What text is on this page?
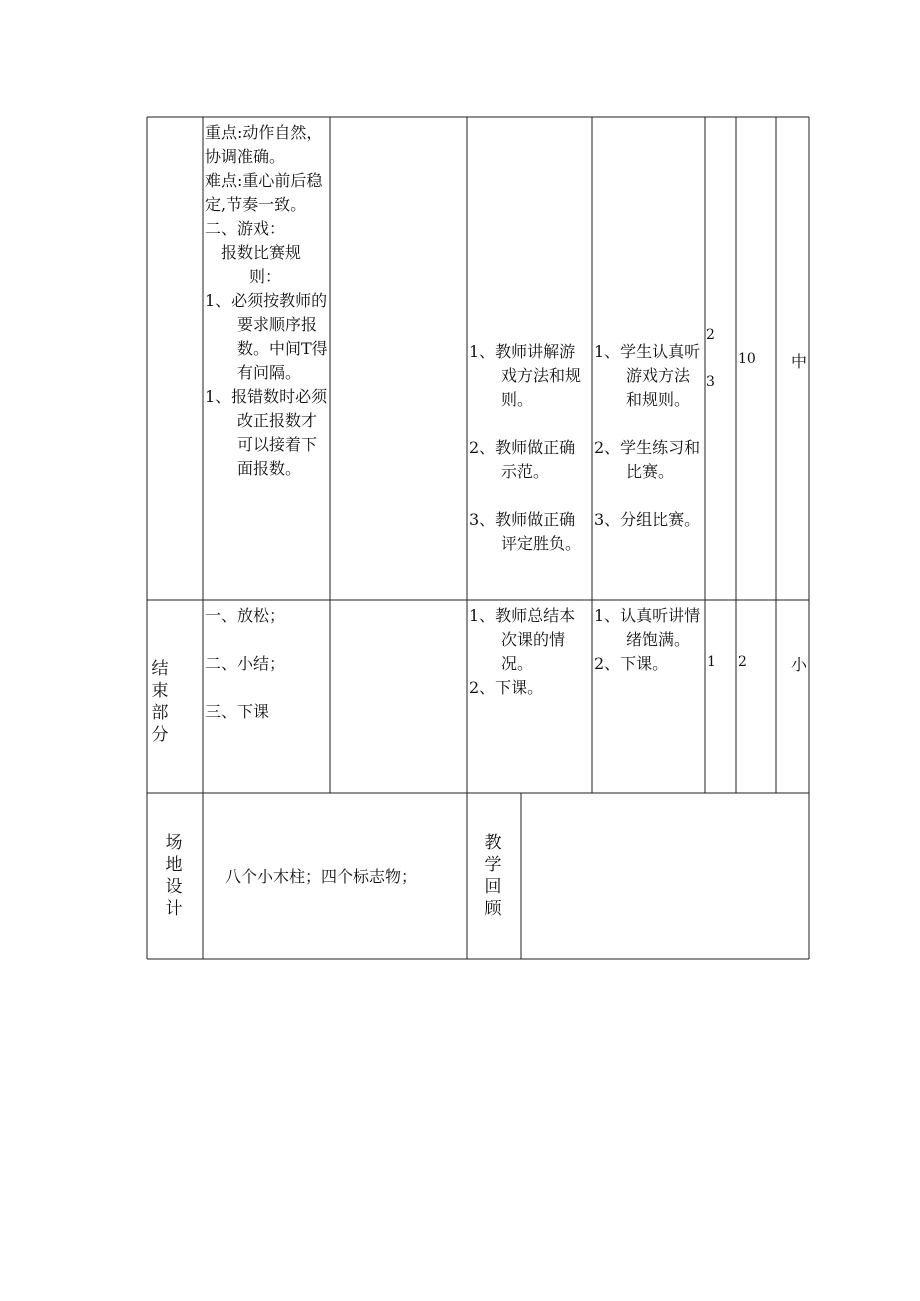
重点:动作自然，协调准确。

难点:重心前后稳定,节奏一致。

二、游戏：

报数比赛规

则：

1、必须按教师的要求顺序报数。中间T得有问隔。

1、报错数时必须改正报数才可以接着下面报数。

1、教师讲解游戏方法和规则。

2、教师做正确示范。

3、教师做正确评定胜负。

1、学生认真听游戏方法和规则。

2、学生练习和比赛。

3、分组比赛。

2
3
10 中
结束部分

一、放松；

二、小结；

三、下课

1、教师总结本次课的情况。

2、下课。

1、认真听讲情绪饱满。

2、下课。	1 2	小
场地设计
八个小木柱；四个标志物；
教学回顾
